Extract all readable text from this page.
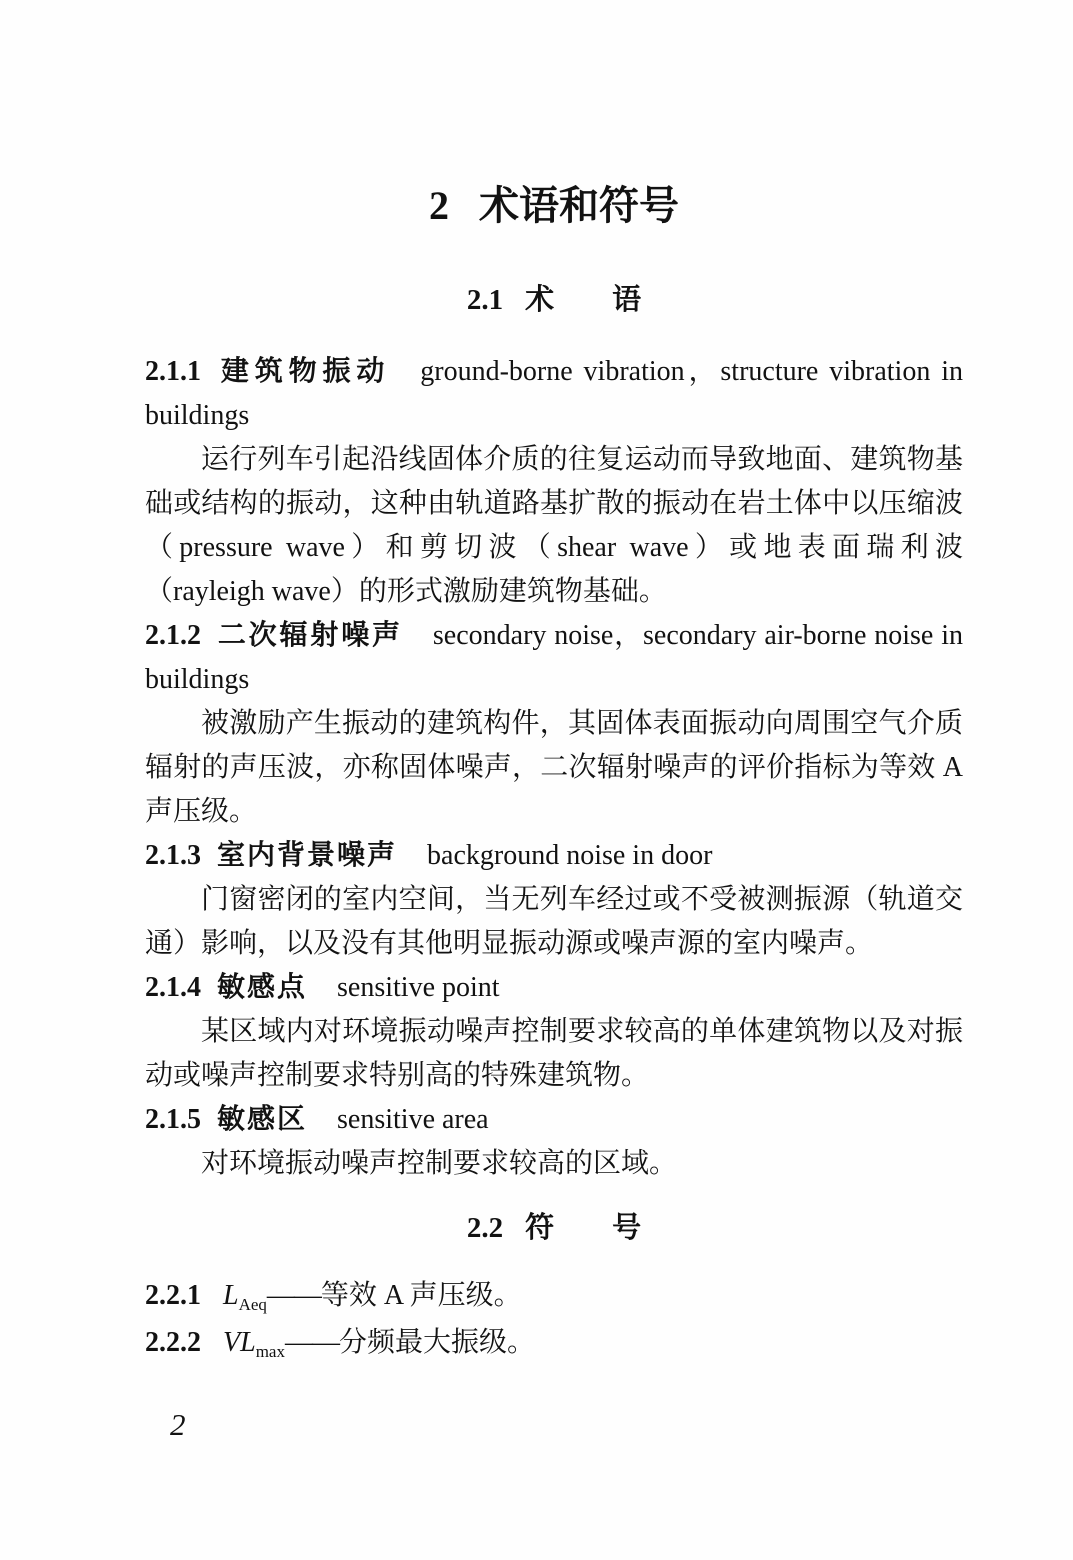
2 术语和符号
2.1 术　　语

2.1.1 建筑物振动 ground-borne vibration，structure vibration in buildings

运行列车引起沿线固体介质的往复运动而导致地面、建筑物基础或结构的振动，这种由轨道路基扩散的振动在岩土体中以压缩波（pressure wave）和剪切波（shear wave）或地表面瑞利波（rayleigh wave）的形式激励建筑物基础。

2.1.2 二次辐射噪声 secondary noise，secondary air-borne noise in buildings

被激励产生振动的建筑构件，其固体表面振动向周围空气介质辐射的声压波，亦称固体噪声，二次辐射噪声的评价指标为等效 A 声压级。

2.1.3 室内背景噪声 background noise in door

门窗密闭的室内空间，当无列车经过或不受被测振源（轨道交通）影响，以及没有其他明显振动源或噪声源的室内噪声。

2.1.4 敏感点 sensitive point

某区域内对环境振动噪声控制要求较高的单体建筑物以及对振动或噪声控制要求特别高的特殊建筑物。

2.1.5 敏感区 sensitive area

对环境振动噪声控制要求较高的区域。

2.2 符　　号

2.2.1 $L_{Aeq}——$等效 A 声压级。

2.2.2 $VL_{max}——$分频最大振级。

2
